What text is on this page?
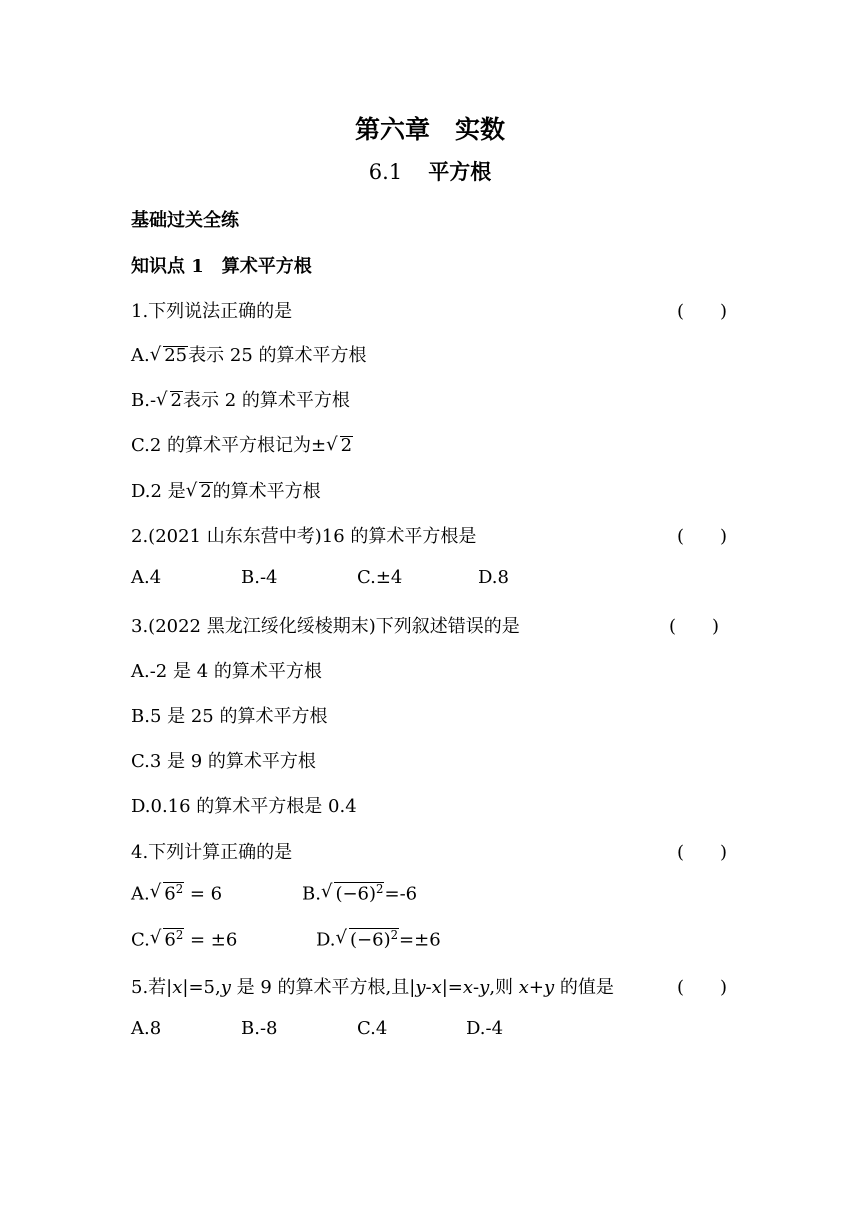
第六章　实数
6.1 平方根
基础过关全练
知识点 1　算术平方根
1.下列说法正确的是	(　　)
A. √ 25表示 25 的算术平方根
B.- √ 2表示 2 的算术平方根
C.2 的算术平方根记为± √ 2
D.2 是 √ 2的算术平方根
2.(2021 山东东营中考)16 的算术平方根是	(　　)
A.4	B.-4	C.±4	D.8
3.(2022 黑龙江绥化绥棱期末)下列叙述错误的是	(　　)
A.-2 是 4 的算术平方根
B.5 是 25 的算术平方根
C.3 是 9 的算术平方根
D.0.16 的算术平方根是 0.4
4.下列计算正确的是	(　　)
A. √ $6^2 = 6$	B. √ $(-6)^2=-6$
C. √ $6^2 = \pm 6$	D. √ $(-6)^2=\pm 6$
5.若|x|=5,y 是 9 的算术平方根,且|y-x|=x-y,则 x+y 的值是	(　　)
A.8	B.-8	C.4	D.-4
